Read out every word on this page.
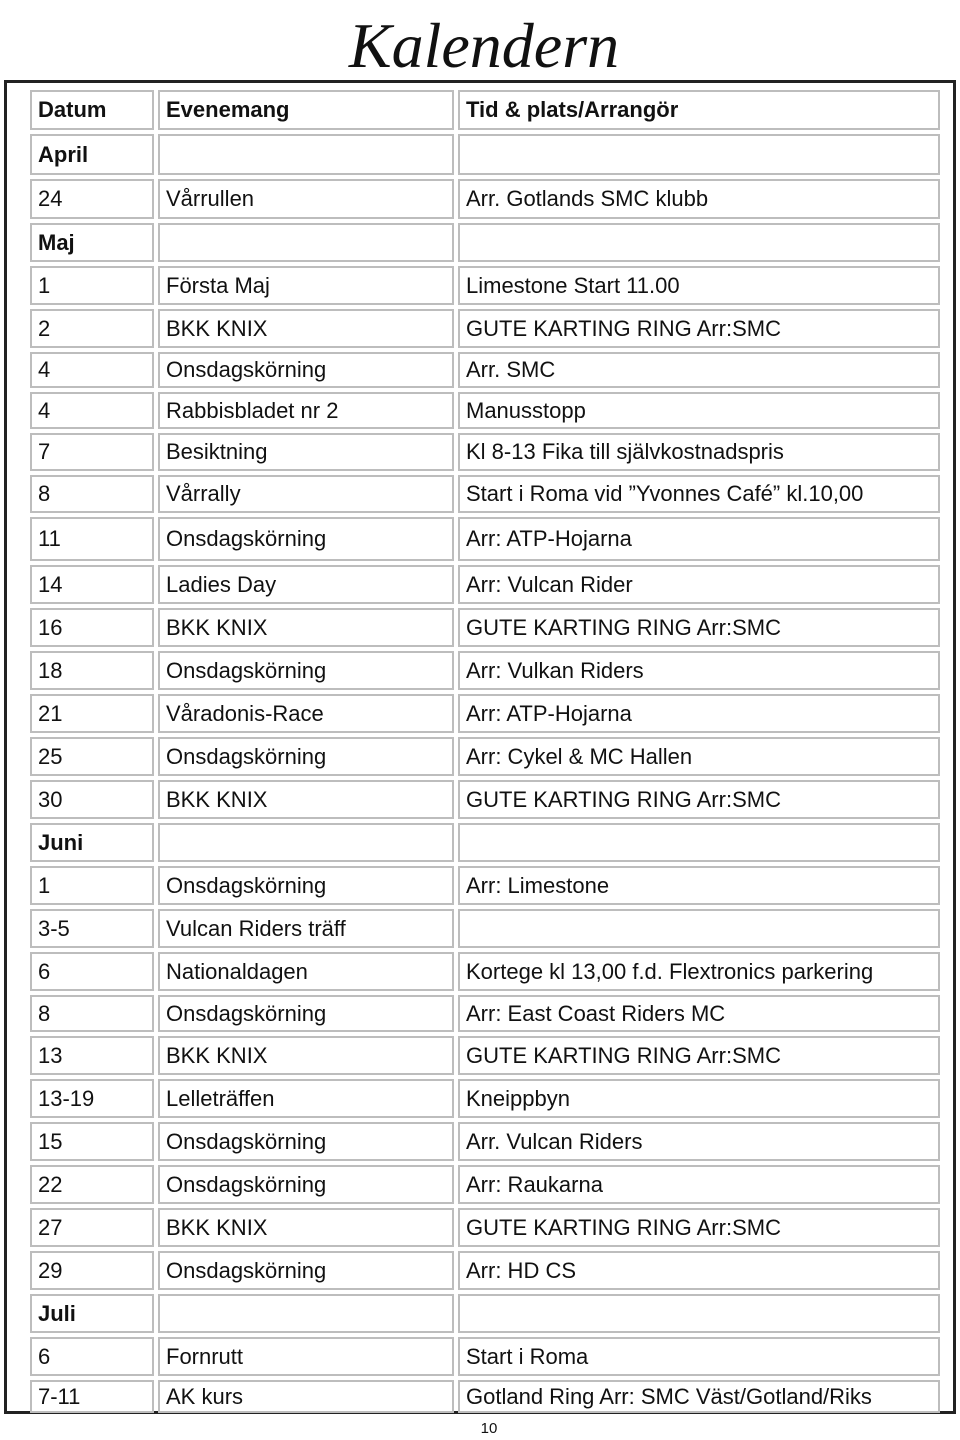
Kalendern
Datum	Evenemang	Tid & plats/Arrangör
April		
24	Vårrullen	Arr. Gotlands SMC klubb
Maj		
1	Första Maj	Limestone Start 11.00
2	BKK KNIX	GUTE KARTING RING Arr:SMC
4	Onsdagskörning	Arr. SMC
4	Rabbisbladet nr 2	Manusstopp
7	Besiktning	Kl 8-13 Fika till självkostnadspris
8	Vårrally	Start i Roma vid ”Yvonnes Café” kl.10,00
11	Onsdagskörning	Arr: ATP-Hojarna
14	Ladies Day	Arr: Vulcan Rider
16	BKK KNIX	GUTE KARTING RING Arr:SMC
18	Onsdagskörning	Arr: Vulkan Riders
21	Våradonis-Race	Arr: ATP-Hojarna
25	Onsdagskörning	Arr: Cykel & MC Hallen
30	BKK KNIX	GUTE KARTING RING Arr:SMC
Juni		
1	Onsdagskörning	Arr: Limestone
3-5	Vulcan Riders träff	
6	Nationaldagen	Kortege kl 13,00 f.d. Flextronics parkering
8	Onsdagskörning	Arr: East Coast Riders MC
13	BKK KNIX	GUTE KARTING RING Arr:SMC
13-19	Lelleträffen	Kneippbyn
15	Onsdagskörning	Arr. Vulcan Riders
22	Onsdagskörning	Arr: Raukarna
27	BKK KNIX	GUTE KARTING RING Arr:SMC
29	Onsdagskörning	Arr: HD CS
Juli		
6	Fornrutt	Start i Roma
7-11	AK kurs	Gotland Ring Arr: SMC Väst/Gotland/Riks
10
